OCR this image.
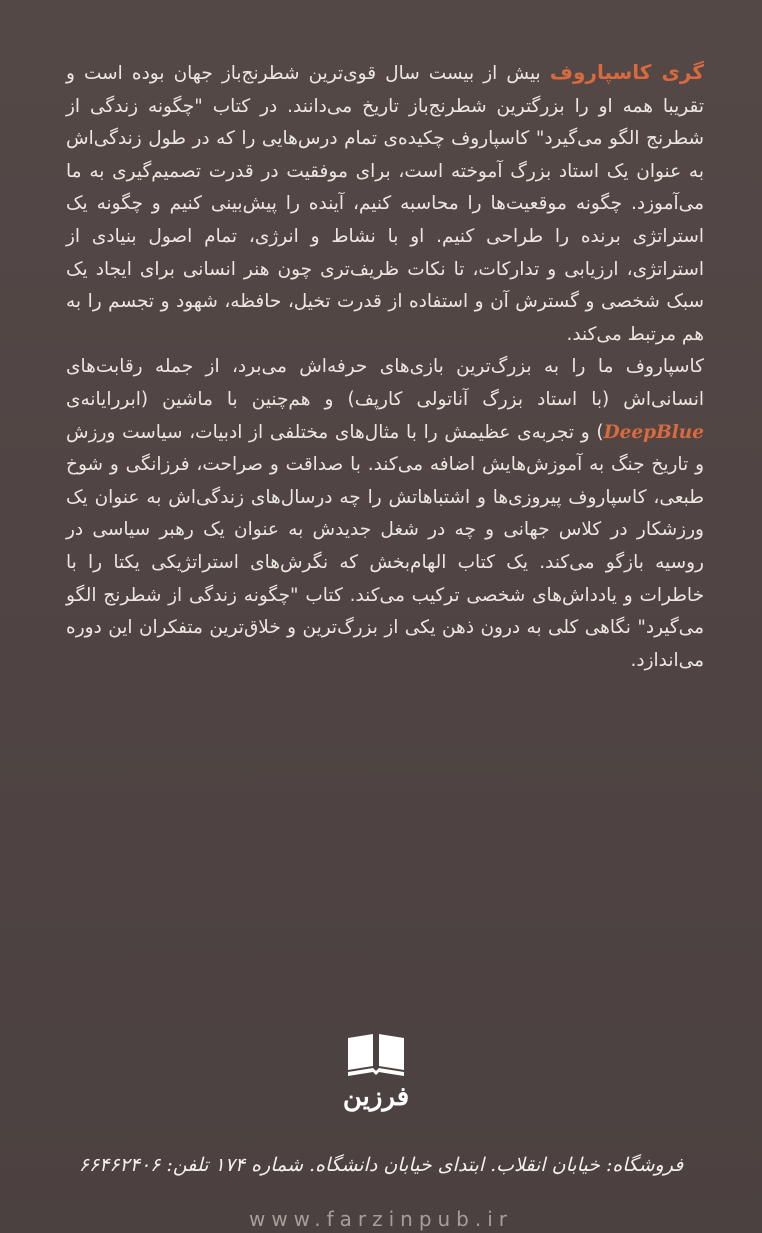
گری کاسپاروف بیش از بیست سال قوی‌ترین شطرنج‌باز جهان بوده است و تقریبا همه او را بزرگترین شطرنج‌باز تاریخ می‌دانند. در کتاب "چگونه زندگی از شطرنج الگو می‌گیرد" کاسپاروف چکیده‌ی تمام درس‌هایی را که در طول زندگی‌اش به عنوان یک استاد بزرگ آموخته است، برای موفقیت در قدرت تصمیم‌گیری به ما می‌آموزد. چگونه موقعیت‌ها را محاسبه کنیم، آینده را پیش‌بینی کنیم و چگونه یک استراتژی برنده را طراحی کنیم. او با نشاط و انرژی، تمام اصول بنیادی از استراتژی، ارزیابی و تدارکات، تا نکات ظریف‌تری چون هنر انسانی برای ایجاد یک سبک شخصی و گسترش آن و استفاده از قدرت تخیل، حافظه، شهود و تجسم را به هم مرتبط می‌کند.

کاسپاروف ما را به بزرگ‌ترین بازی‌های حرفه‌اش می‌برد، از جمله رقابت‌های انسانی‌اش (با استاد بزرگ آناتولی کارپف) و هم‌چنین با ماشین (ابررایانه‌ی DeepBlue) و تجربه‌ی عظیمش را با مثال‌های مختلفی از ادبیات، سیاست ورزش و تاریخ جنگ به آموزش‌هایش اضافه می‌کند. با صداقت و صراحت، فرزانگی و شوخ طبعی، کاسپاروف پیروزی‌ها و اشتباهاتش را چه درسال‌های زندگی‌اش به عنوان یک ورزشکار در کلاس جهانی و چه در شغل جدیدش به عنوان یک رهبر سیاسی در روسیه بازگو می‌کند. یک کتاب الهام‌بخش که نگرش‌های استراتژیکی یکتا را با خاطرات و یادداش‌های شخصی ترکیب می‌کند. کتاب "چگونه زندگی از شطرنج الگو می‌گیرد" نگاهی کلی به درون ذهن یکی از بزرگ‌ترین و خلاق‌ترین متفکران این دوره می‌اندازد.

فرزین
فروشگاه: خیابان انقلاب. ابتدای خیابان دانشگاه. شماره ۱۷۴ تلفن: ۶۶۴۶۲۴۰۶
www.farzinpub.ir
